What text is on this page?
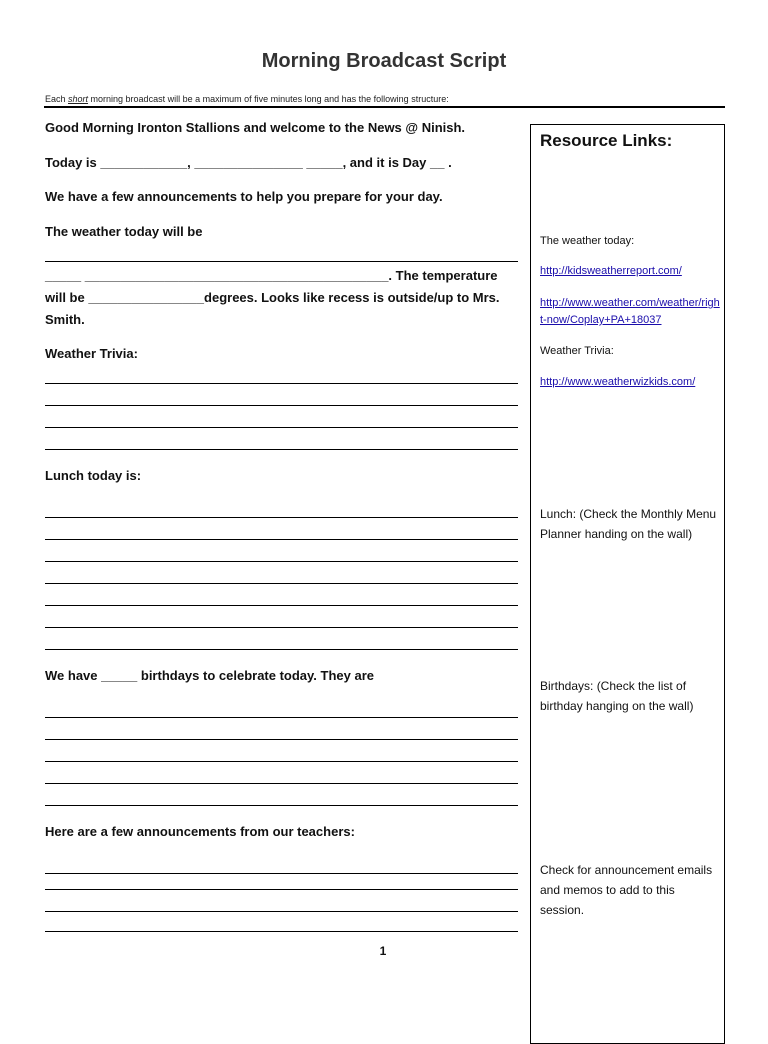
Morning Broadcast Script
Each short morning broadcast will be a maximum of five minutes long and has the following structure:
Good Morning Ironton Stallions and welcome to the News @ Ninish.
Today is ____________, _______________ _____, and it is Day __ .
We have a few announcements to help you prepare for your day.
The weather today will be
_____ __________________________________________. The temperature
will be ________________degrees. Looks like recess is outside/up to Mrs.
Smith.
Weather Trivia:
Lunch today is:
We have _____ birthdays to celebrate today. They are
Here are a few announcements from our teachers:
1
Resource Links:
The weather today:
http://kidsweatherreport.com/
http://www.weather.com/weather/right-now/Coplay+PA+18037
Weather Trivia:
http://www.weatherwizkids.com/
Lunch: (Check the Monthly Menu Planner handing on the wall)
Birthdays: (Check the list of birthday hanging on the wall)
Check for announcement emails and memos to add to this session.
